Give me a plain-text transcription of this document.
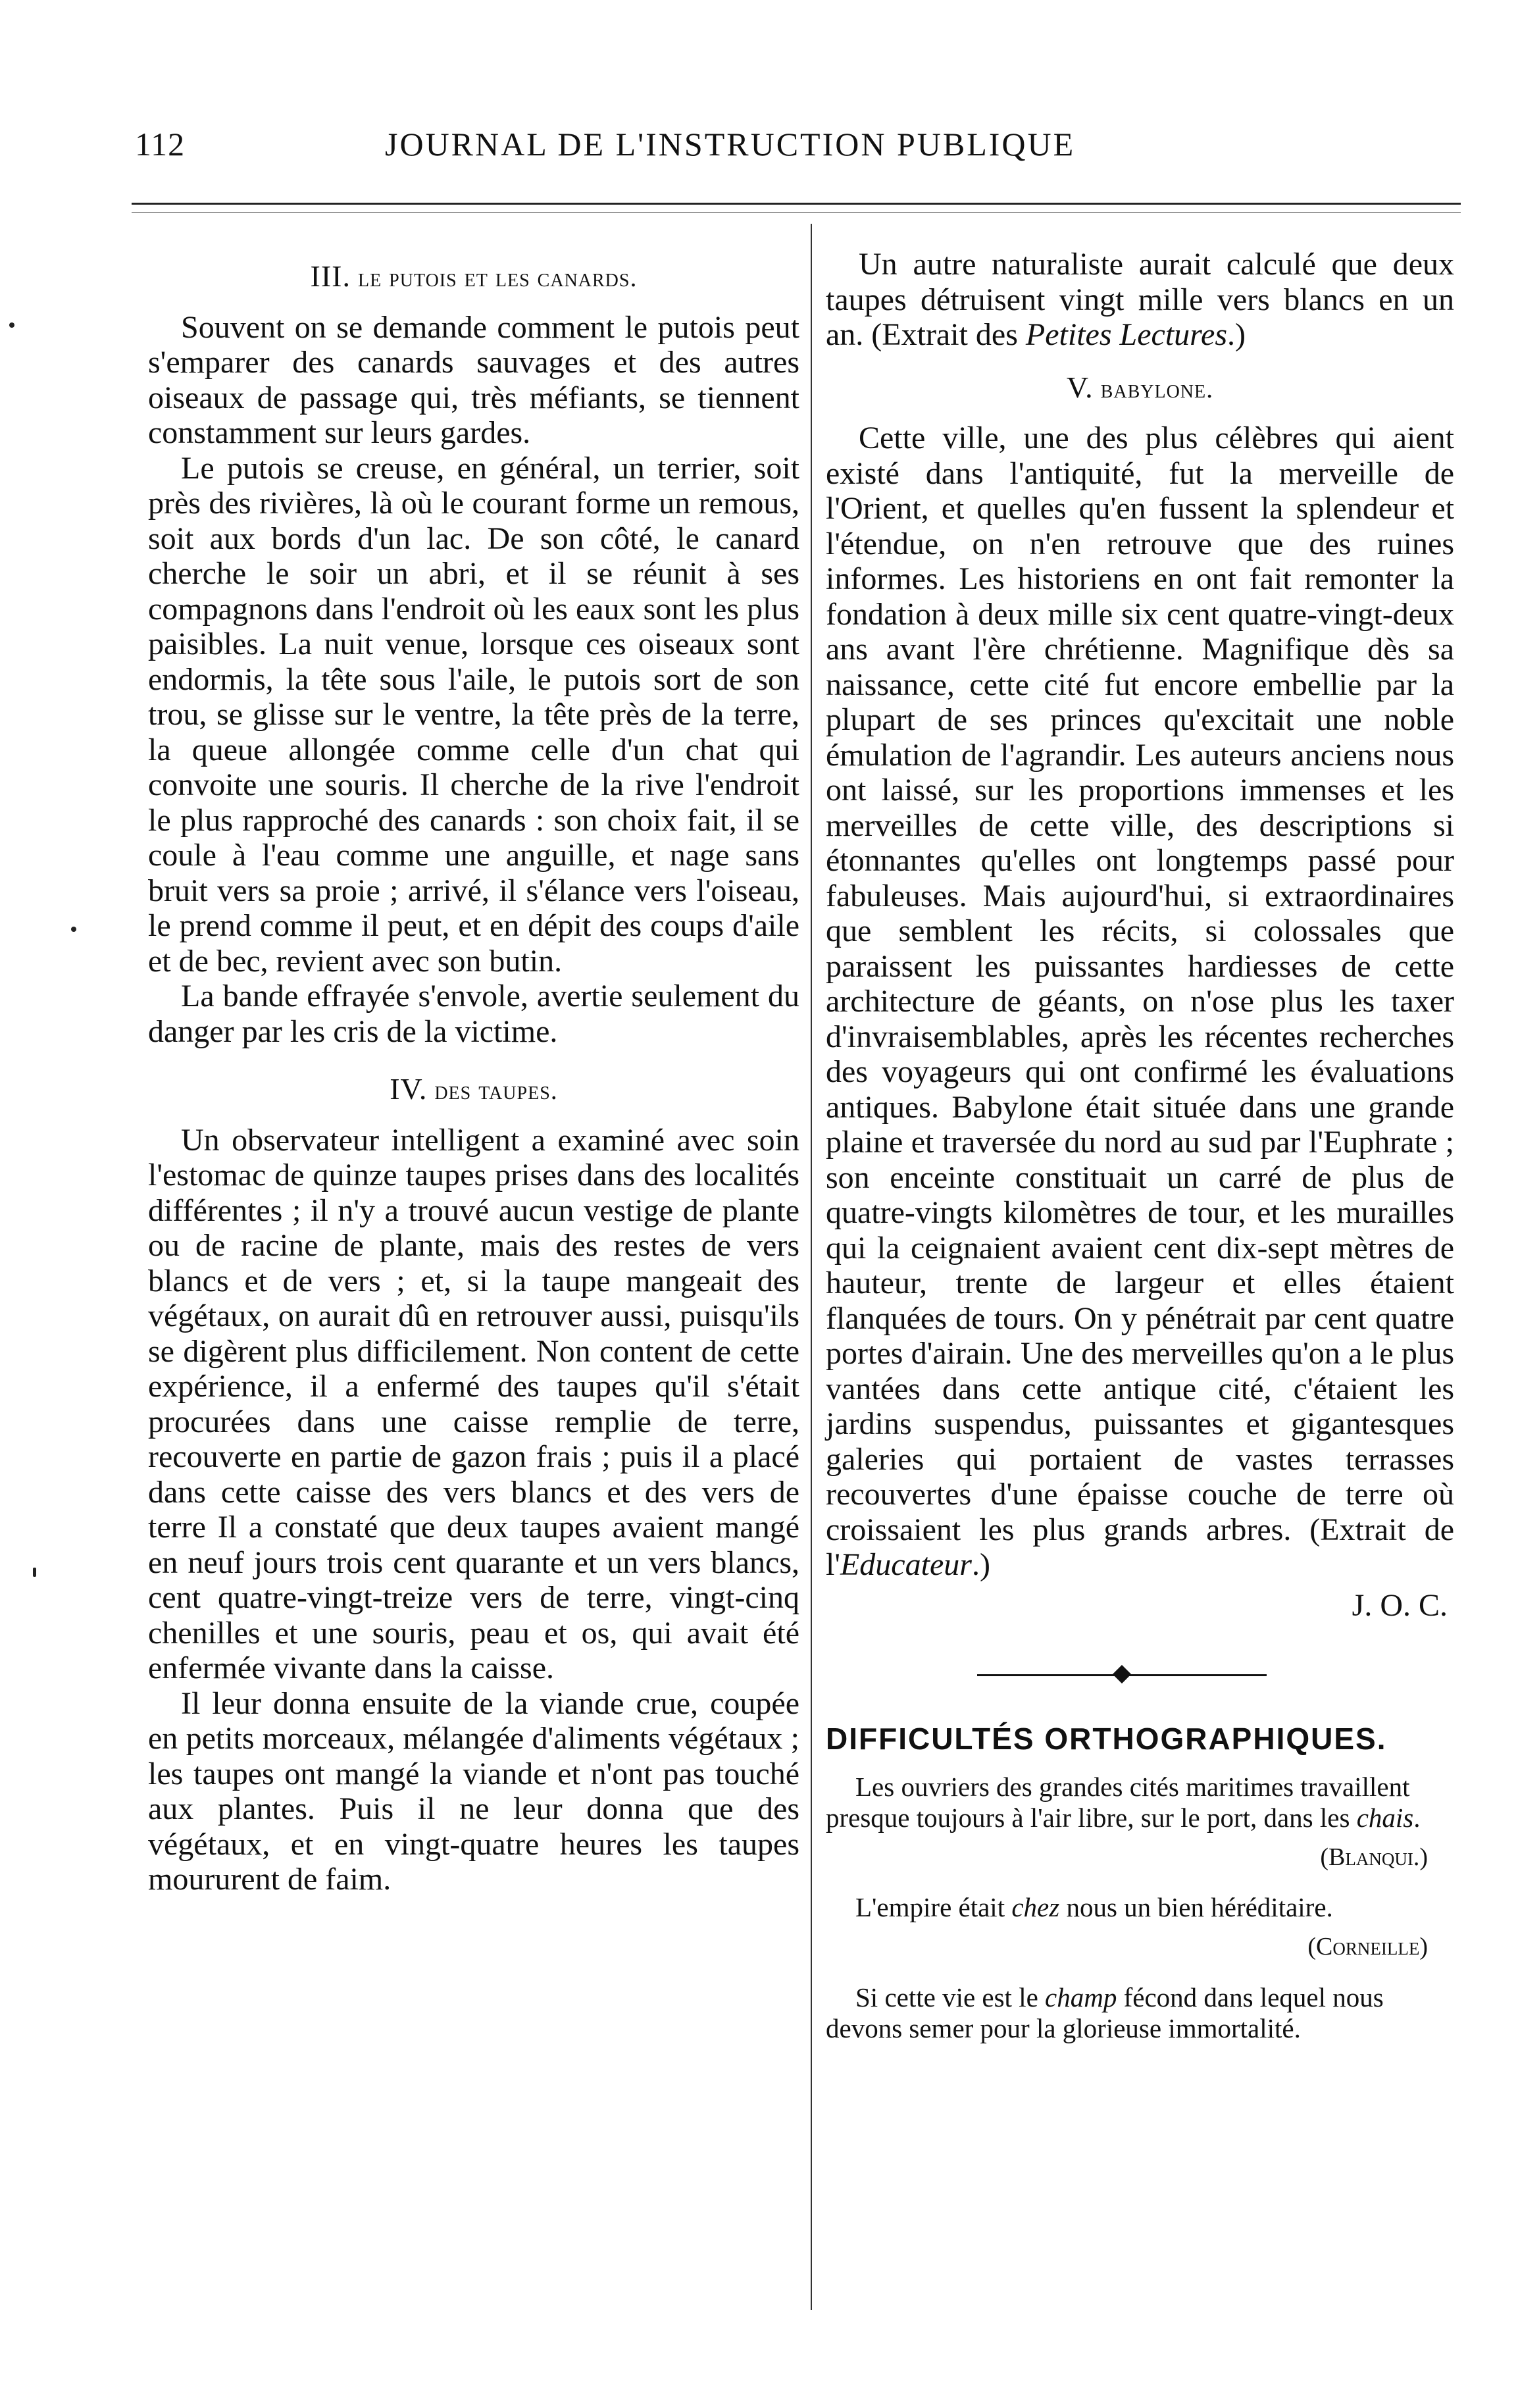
112	JOURNAL DE L'INSTRUCTION PUBLIQUE
III. le putois et les canards.

Souvent on se demande comment le putois peut s'emparer des canards sauvages et des autres oiseaux de passage qui, très méfiants, se tiennent constamment sur leurs gardes.

Le putois se creuse, en général, un terrier, soit près des rivières, là où le courant forme un remous, soit aux bords d'un lac. De son côté, le canard cherche le soir un abri, et il se réunit à ses compagnons dans l'endroit où les eaux sont les plus paisibles. La nuit venue, lorsque ces oiseaux sont endormis, la tête sous l'aile, le putois sort de son trou, se glisse sur le ventre, la tête près de la terre, la queue allongée comme celle d'un chat qui convoite une souris. Il cherche de la rive l'endroit le plus rapproché des canards : son choix fait, il se coule à l'eau comme une anguille, et nage sans bruit vers sa proie ; arrivé, il s'élance vers l'oiseau, le prend comme il peut, et en dépit des coups d'aile et de bec, revient avec son butin.

La bande effrayée s'envole, avertie seulement du danger par les cris de la victime.

IV. des taupes.

Un observateur intelligent a examiné avec soin l'estomac de quinze taupes prises dans des localités différentes ; il n'y a trouvé aucun vestige de plante ou de racine de plante, mais des restes de vers blancs et de vers ; et, si la taupe mangeait des végétaux, on aurait dû en retrouver aussi, puisqu'ils se digèrent plus difficilement. Non content de cette expérience, il a enfermé des taupes qu'il s'était procurées dans une caisse remplie de terre, recouverte en partie de gazon frais ; puis il a placé dans cette caisse des vers blancs et des vers de terre Il a constaté que deux taupes avaient mangé en neuf jours trois cent quarante et un vers blancs, cent quatre-vingt-treize vers de terre, vingt-cinq chenilles et une souris, peau et os, qui avait été enfermée vivante dans la caisse.

Il leur donna ensuite de la viande crue, coupée en petits morceaux, mélangée d'aliments végétaux ; les taupes ont mangé la viande et n'ont pas touché aux plantes. Puis il ne leur donna que des végétaux, et en vingt-quatre heures les taupes moururent de faim.

Un autre naturaliste aurait calculé que deux taupes détruisent vingt mille vers blancs en un an. (Extrait des Petites Lectures.)

V. babylone.

Cette ville, une des plus célèbres qui aient existé dans l'antiquité, fut la merveille de l'Orient, et quelles qu'en fussent la splendeur et l'étendue, on n'en retrouve que des ruines informes. Les historiens en ont fait remonter la fondation à deux mille six cent quatre-vingt-deux ans avant l'ère chrétienne. Magnifique dès sa naissance, cette cité fut encore embellie par la plupart de ses princes qu'excitait une noble émulation de l'agrandir. Les auteurs anciens nous ont laissé, sur les proportions immenses et les merveilles de cette ville, des descriptions si étonnantes qu'elles ont longtemps passé pour fabuleuses. Mais aujourd'hui, si extraordinaires que semblent les récits, si colossales que paraissent les puissantes hardiesses de cette architecture de géants, on n'ose plus les taxer d'invraisemblables, après les récentes recherches des voyageurs qui ont confirmé les évaluations antiques. Babylone était située dans une grande plaine et traversée du nord au sud par l'Euphrate ; son enceinte constituait un carré de plus de quatre-vingts kilomètres de tour, et les murailles qui la ceignaient avaient cent dix-sept mètres de hauteur, trente de largeur et elles étaient flanquées de tours. On y pénétrait par cent quatre portes d'airain. Une des merveilles qu'on a le plus vantées dans cette antique cité, c'étaient les jardins suspendus, puissantes et gigantesques galeries qui portaient de vastes terrasses recouvertes d'une épaisse couche de terre où croissaient les plus grands arbres. (Extrait de l'Educateur.)

J. O. C.
DIFFICULTÉS ORTHOGRAPHIQUES.

Les ouvriers des grandes cités maritimes travaillent presque toujours à l'air libre, sur le port, dans les chais.

(Blanqui.)

L'empire était chez nous un bien héréditaire.

(Corneille)

Si cette vie est le champ fécond dans lequel nous devons semer pour la glorieuse immortalité.
